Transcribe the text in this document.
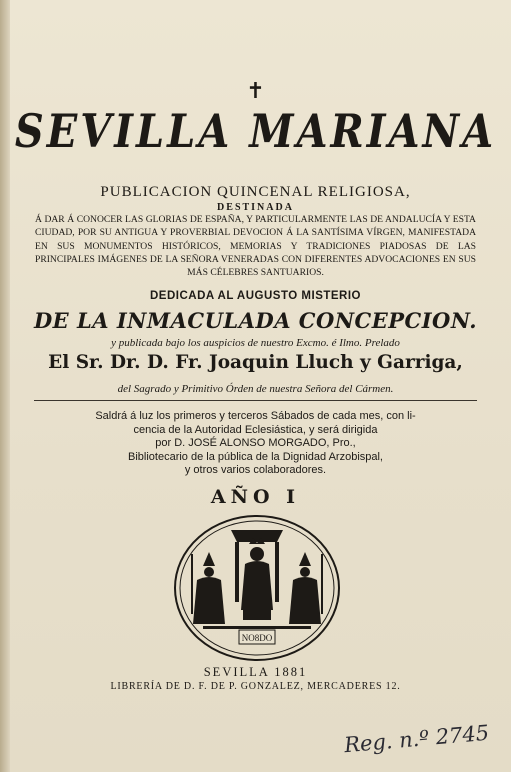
✝
SEVILLA MARIANA
PUBLICACION QUINCENAL RELIGIOSA,
DESTINADA
Á DAR Á CONOCER LAS GLORIAS DE ESPAÑA, Y PARTICULARMENTE LAS DE ANDALUCÍA Y ESTA CIUDAD, POR SU ANTIGUA Y PROVERBIAL DEVOCION Á LA SANTÍSIMA VÍRGEN, MANIFESTADA EN SUS MONUMENTOS HISTÓRICOS, MEMORIAS Y TRADICIONES PIADOSAS DE LAS PRINCIPALES IMÁGENES DE LA SEÑORA VENERADAS CON DIFERENTES ADVOCACIONES EN SUS MÁS CÉLEBRES SANTUARIOS.
DEDICADA AL AUGUSTO MISTERIO
DE LA INMACULADA CONCEPCION.
y publicada bajo los auspicios de nuestro Excmo. é Ilmo. Prelado
El Sr. Dr. D. Fr. Joaquin Lluch y Garriga,
del Sagrado y Primitivo Órden de nuestra Señora del Cármen.
Saldrá á luz los primeros y terceros Sábados de cada mes, con li-
cencia de la Autoridad Eclesiástica, y será dirigida
por D. JOSÉ ALONSO MORGADO, Pro.,
Bibliotecario de la pública de la Dignidad Arzobispal,
y otros varios colaboradores.
AÑO I
NO8DO
SEVILLA 1881
LIBRERÍA DE D. F. DE P. GONZALEZ, MERCADERES 12.
Reg. n.º 2745
